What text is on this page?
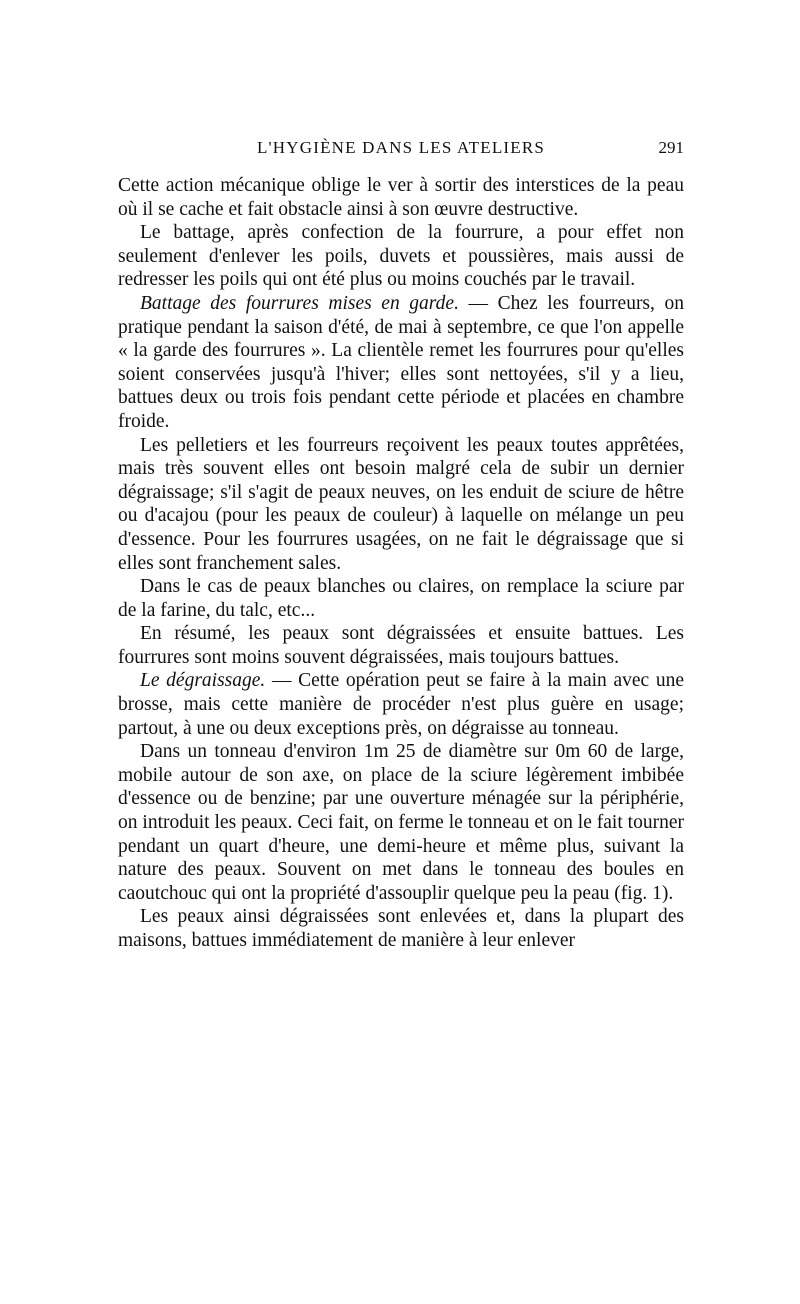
L'HYGIÈNE DANS LES ATELIERS	291

Cette action mécanique oblige le ver à sortir des interstices de la peau où il se cache et fait obstacle ainsi à son œuvre destructive.

Le battage, après confection de la fourrure, a pour effet non seulement d'enlever les poils, duvets et poussières, mais aussi de redresser les poils qui ont été plus ou moins couchés par le travail.

Battage des fourrures mises en garde. — Chez les fourreurs, on pratique pendant la saison d'été, de mai à septembre, ce que l'on appelle « la garde des fourrures ». La clientèle remet les fourrures pour qu'elles soient conservées jusqu'à l'hiver; elles sont nettoyées, s'il y a lieu, battues deux ou trois fois pendant cette période et placées en chambre froide.

Les pelletiers et les fourreurs reçoivent les peaux toutes apprêtées, mais très souvent elles ont besoin malgré cela de subir un dernier dégraissage; s'il s'agit de peaux neuves, on les enduit de sciure de hêtre ou d'acajou (pour les peaux de couleur) à laquelle on mélange un peu d'essence. Pour les fourrures usagées, on ne fait le dégraissage que si elles sont franchement sales.

Dans le cas de peaux blanches ou claires, on remplace la sciure par de la farine, du talc, etc...

En résumé, les peaux sont dégraissées et ensuite battues. Les fourrures sont moins souvent dégraissées, mais toujours battues.

Le dégraissage. — Cette opération peut se faire à la main avec une brosse, mais cette manière de procéder n'est plus guère en usage; partout, à une ou deux exceptions près, on dégraisse au tonneau.

Dans un tonneau d'environ 1m 25 de diamètre sur 0m 60 de large, mobile autour de son axe, on place de la sciure légèrement imbibée d'essence ou de benzine; par une ouverture ménagée sur la périphérie, on introduit les peaux. Ceci fait, on ferme le tonneau et on le fait tourner pendant un quart d'heure, une demi-heure et même plus, suivant la nature des peaux. Souvent on met dans le tonneau des boules en caoutchouc qui ont la propriété d'assouplir quelque peu la peau (fig. 1).

Les peaux ainsi dégraissées sont enlevées et, dans la plupart des maisons, battues immédiatement de manière à leur enlever
